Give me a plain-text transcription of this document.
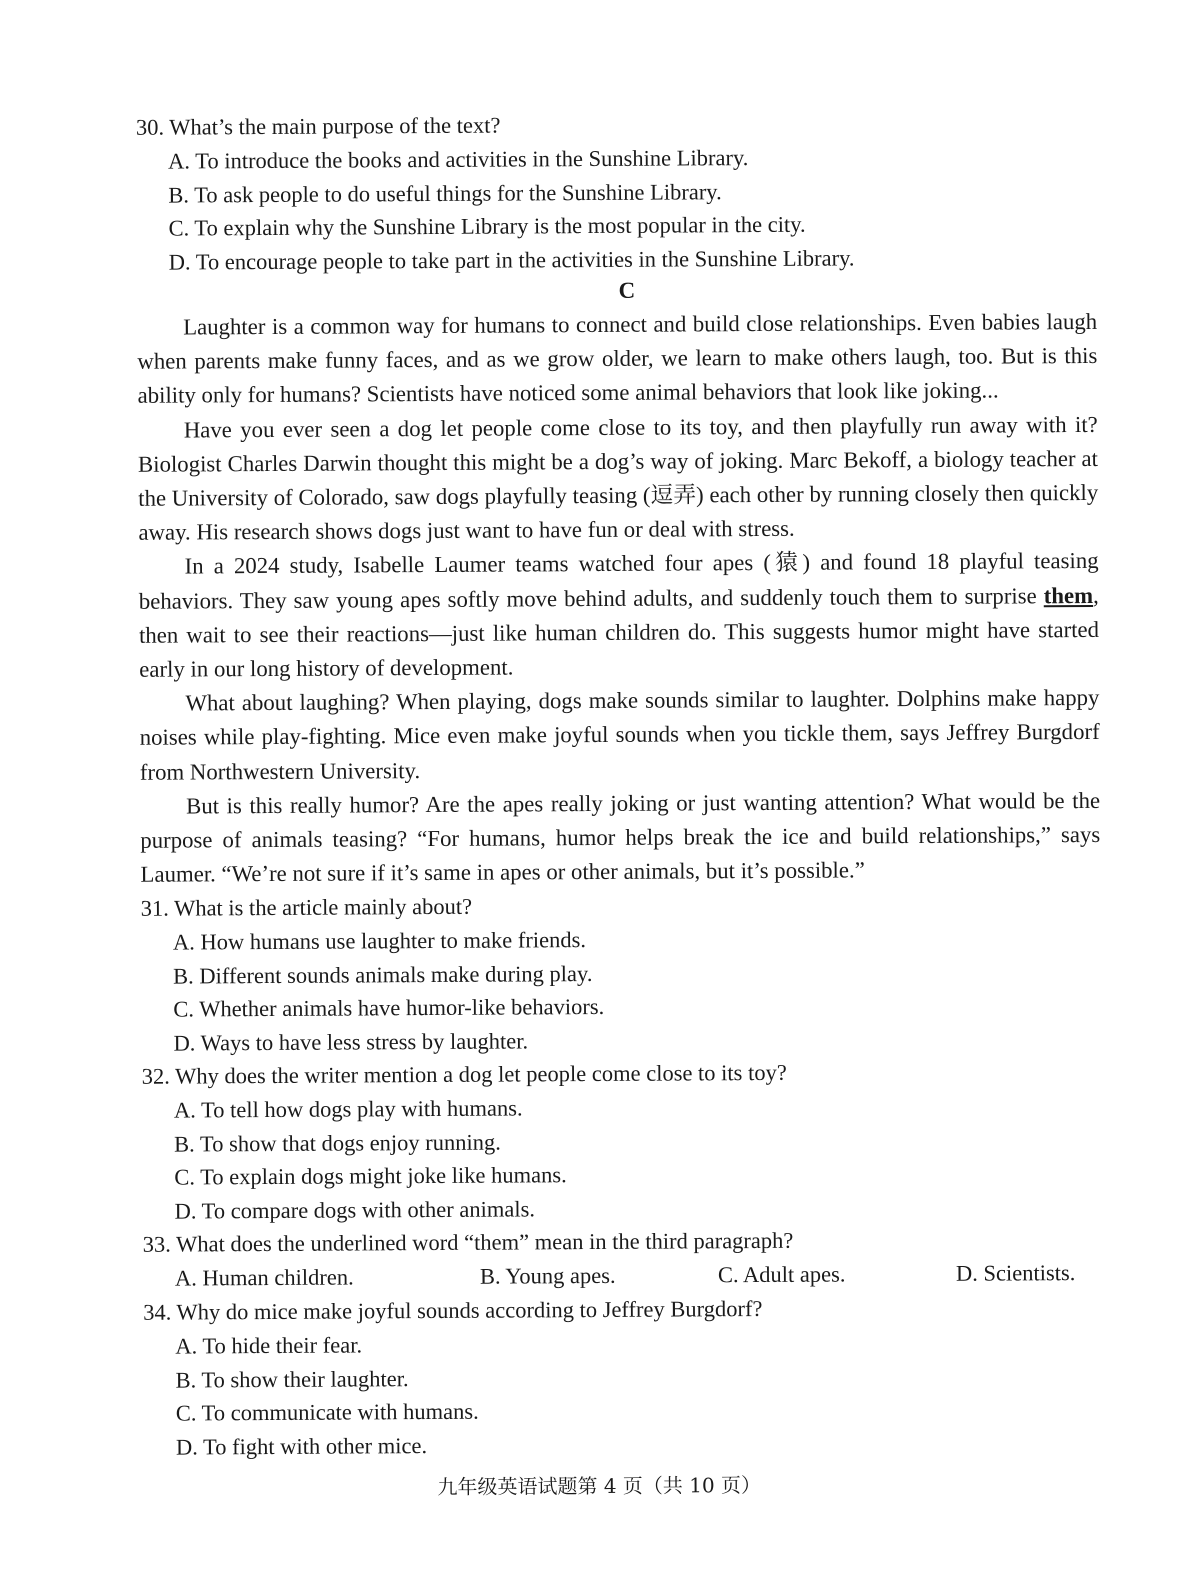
30. What’s the main purpose of the text?
A. To introduce the books and activities in the Sunshine Library.
B. To ask people to do useful things for the Sunshine Library.
C. To explain why the Sunshine Library is the most popular in the city.
D. To encourage people to take part in the activities in the Sunshine Library.
C

Laughter is a common way for humans to connect and build close relationships. Even babies laugh when parents make funny faces, and as we grow older, we learn to make others laugh, too. But is this ability only for humans? Scientists have noticed some animal behaviors that look like joking...

Have you ever seen a dog let people come close to its toy, and then playfully run away with it? Biologist Charles Darwin thought this might be a dog’s way of joking. Marc Bekoff, a biology teacher at the University of Colorado, saw dogs playfully teasing (逗弄) each other by running closely then quickly away. His research shows dogs just want to have fun or deal with stress.

In a 2024 study, Isabelle Laumer teams watched four apes (猿) and found 18 playful teasing behaviors. They saw young apes softly move behind adults, and suddenly touch them to surprise them, then wait to see their reactions—just like human children do. This suggests humor might have started early in our long history of development.

What about laughing? When playing, dogs make sounds similar to laughter. Dolphins make happy noises while play-fighting. Mice even make joyful sounds when you tickle them, says Jeffrey Burgdorf from Northwestern University.

But is this really humor? Are the apes really joking or just wanting attention? What would be the purpose of animals teasing? “For humans, humor helps break the ice and build relationships,” says Laumer. “We’re not sure if it’s same in apes or other animals, but it’s possible.”

31. What is the article mainly about?
A. How humans use laughter to make friends.
B. Different sounds animals make during play.
C. Whether animals have humor-like behaviors.
D. Ways to have less stress by laughter.
32. Why does the writer mention a dog let people come close to its toy?
A. To tell how dogs play with humans.
B. To show that dogs enjoy running.
C. To explain dogs might joke like humans.
D. To compare dogs with other animals.
33. What does the underlined word “them” mean in the third paragraph?
A. Human children.	B. Young apes.	C. Adult apes.	D. Scientists.
34. Why do mice make joyful sounds according to Jeffrey Burgdorf?
A. To hide their fear.
B. To show their laughter.
C. To communicate with humans.
D. To fight with other mice.
九年级英语试题第 4 页（共 10 页）
